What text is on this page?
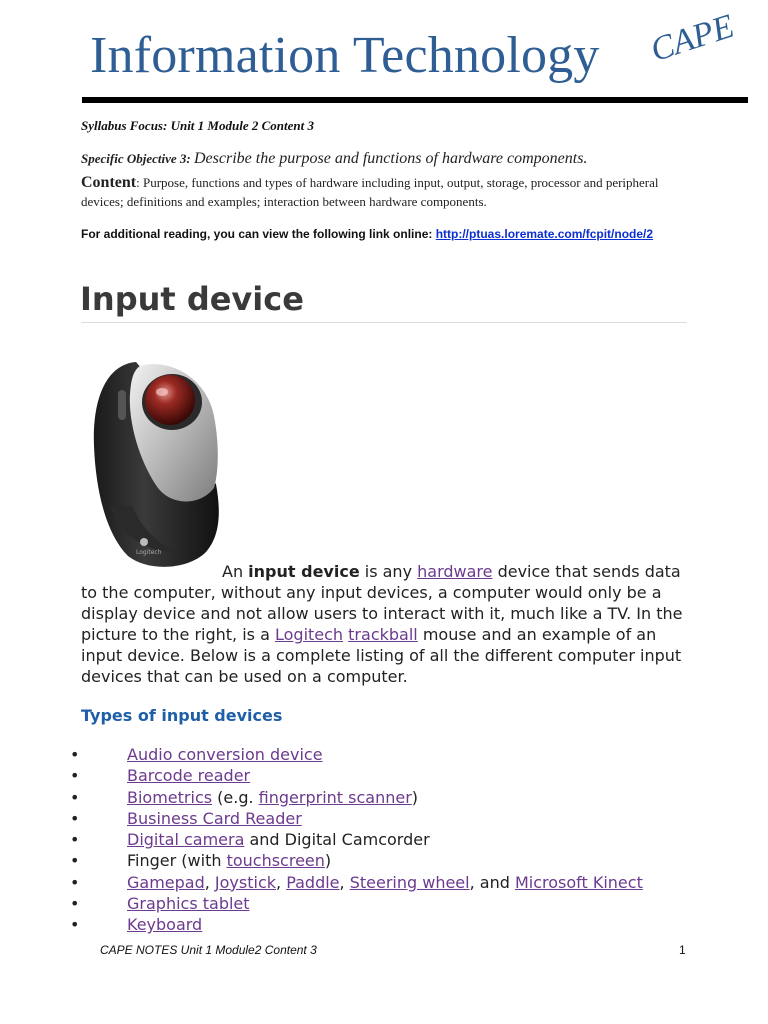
Information Technology CAPE
Syllabus Focus: Unit 1 Module 2 Content 3
Specific Objective 3: Describe the purpose and functions of hardware components.
Content: Purpose, functions and types of hardware including input, output, storage, processor and peripheral devices; definitions and examples; interaction between hardware components.
For additional reading, you can view the following link online: http://ptuas.loremate.com/fcpit/node/2
Input device
Logitech
An input device is any hardware device that sends data to the computer, without any input devices, a computer would only be a display device and not allow users to interact with it, much like a TV. In the picture to the right, is a Logitech trackball mouse and an example of an input device. Below is a complete listing of all the different computer input devices that can be used on a computer.
Types of input devices
•	Audio conversion device
•	Barcode reader
•	Biometrics (e.g. fingerprint scanner)
•	Business Card Reader
•	Digital camera and Digital Camcorder
•	Finger (with touchscreen)
•	Gamepad, Joystick, Paddle, Steering wheel, and Microsoft Kinect
•	Graphics tablet
•	Keyboard
CAPE NOTES Unit 1 Module2 Content 3	1
